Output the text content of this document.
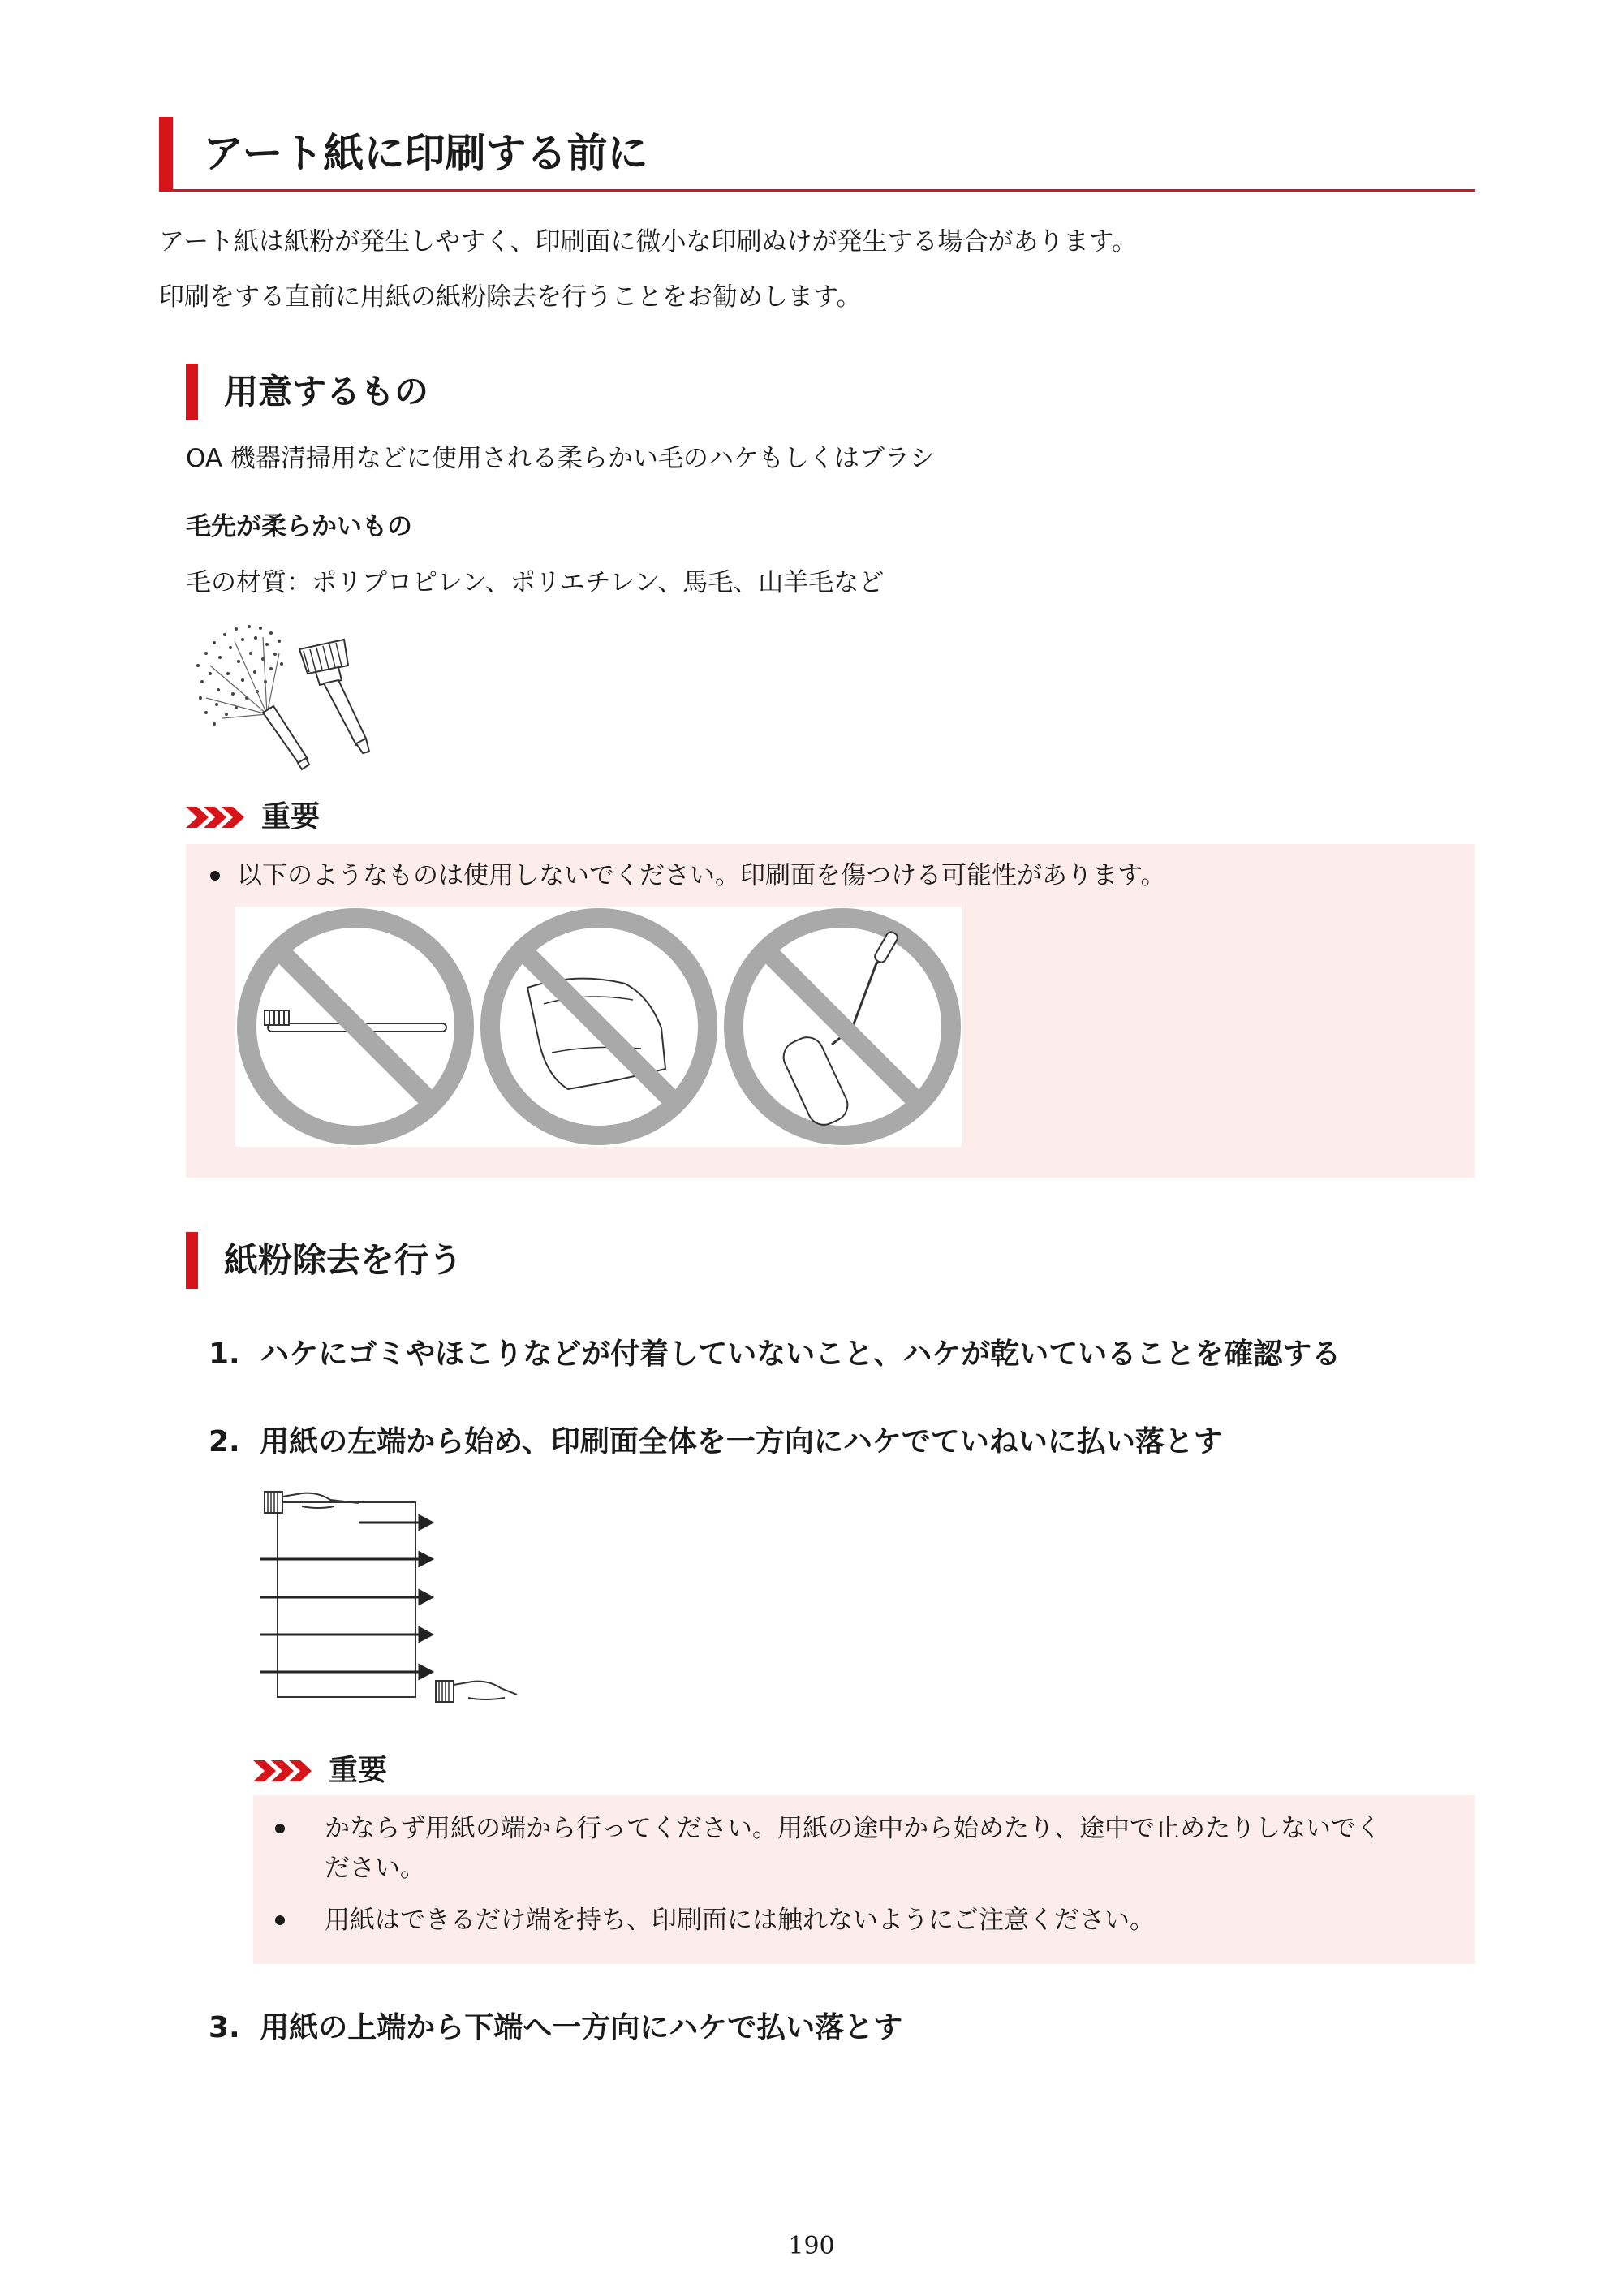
アート紙に印刷する前に
アート紙は紙粉が発生しやすく、印刷面に微小な印刷ぬけが発生する場合があります。
印刷をする直前に用紙の紙粉除去を行うことをお勧めします。
用意するもの
OA 機器清掃用などに使用される柔らかい毛のハケもしくはブラシ
毛先が柔らかいもの
毛の材質：ポリプロピレン、ポリエチレン、馬毛、山羊毛など
重要
以下のようなものは使用しないでください。印刷面を傷つける可能性があります。
紙粉除去を行う
1. ハケにゴミやほこりなどが付着していないこと、ハケが乾いていることを確認する
2. 用紙の左端から始め、印刷面全体を一方向にハケでていねいに払い落とす
重要
かならず用紙の端から行ってください。用紙の途中から始めたり、途中で止めたりしないでく
ださい。
用紙はできるだけ端を持ち、印刷面には触れないようにご注意ください。
3. 用紙の上端から下端へ一方向にハケで払い落とす
190
